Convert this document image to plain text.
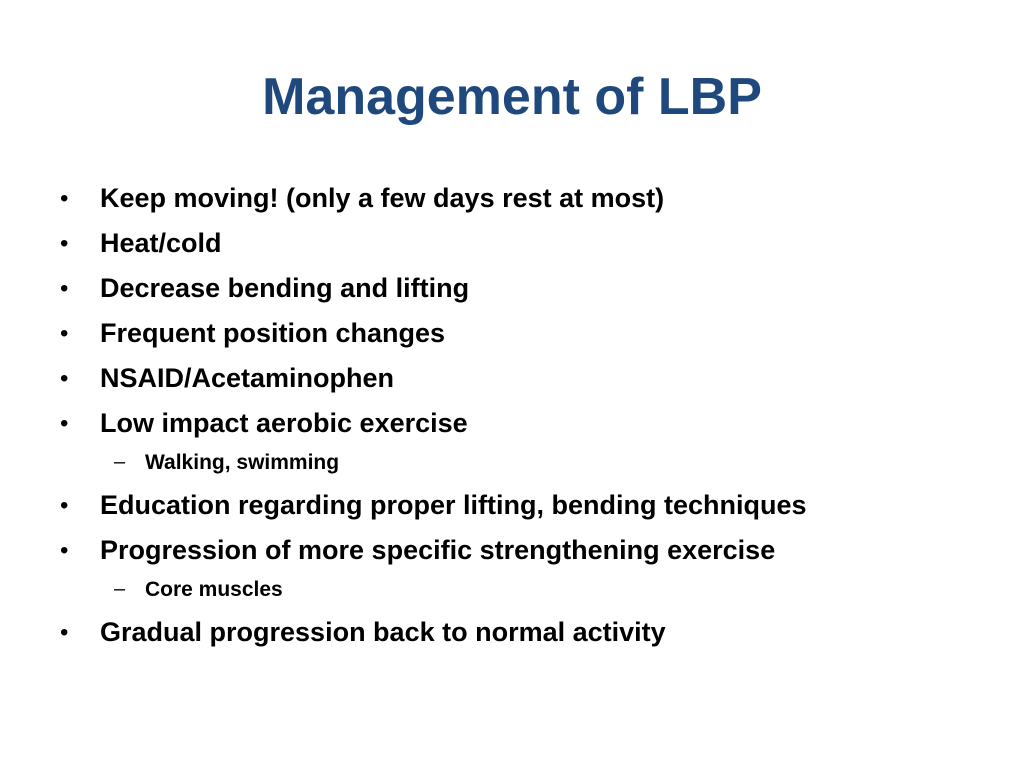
Management of LBP
• Keep moving! (only a few days rest at most)
• Heat/cold
• Decrease bending and lifting
• Frequent position changes
• NSAID/Acetaminophen
• Low impact aerobic exercise
– Walking, swimming
• Education regarding proper lifting, bending techniques
• Progression of more specific strengthening exercise
– Core muscles
• Gradual progression back to normal activity
